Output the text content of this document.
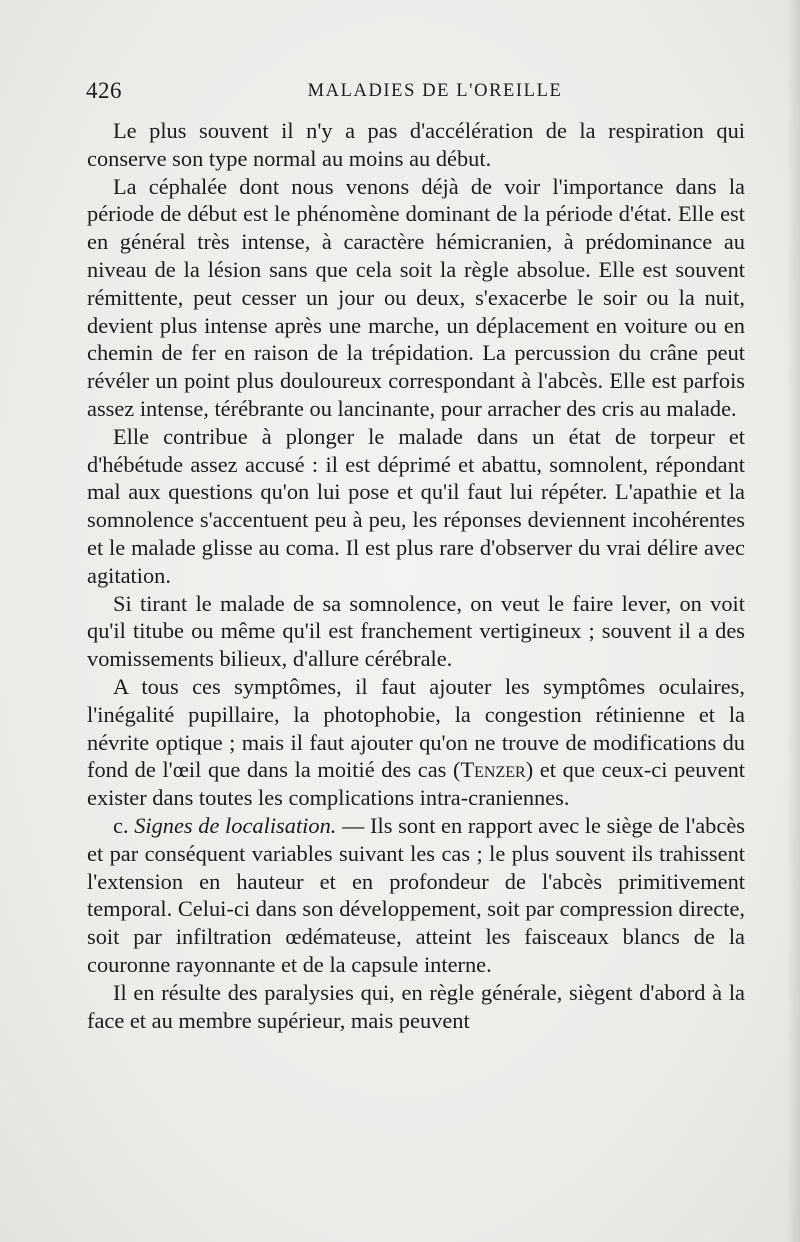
426	MALADIES DE L'OREILLE

Le plus souvent il n'y a pas d'accélération de la respiration qui conserve son type normal au moins au début.

La céphalée dont nous venons déjà de voir l'importance dans la période de début est le phénomène dominant de la période d'état. Elle est en général très intense, à caractère hémicranien, à prédominance au niveau de la lésion sans que cela soit la règle absolue. Elle est souvent rémittente, peut cesser un jour ou deux, s'exacerbe le soir ou la nuit, devient plus intense après une marche, un déplacement en voiture ou en chemin de fer en raison de la trépidation. La percussion du crâne peut révéler un point plus douloureux correspondant à l'abcès. Elle est parfois assez intense, térébrante ou lancinante, pour arracher des cris au malade.

Elle contribue à plonger le malade dans un état de torpeur et d'hébétude assez accusé : il est déprimé et abattu, somnolent, répondant mal aux questions qu'on lui pose et qu'il faut lui répéter. L'apathie et la somnolence s'accentuent peu à peu, les réponses deviennent incohérentes et le malade glisse au coma. Il est plus rare d'observer du vrai délire avec agitation.

Si tirant le malade de sa somnolence, on veut le faire lever, on voit qu'il titube ou même qu'il est franchement vertigineux ; souvent il a des vomissements bilieux, d'allure cérébrale.

A tous ces symptômes, il faut ajouter les symptômes oculaires, l'inégalité pupillaire, la photophobie, la congestion rétinienne et la névrite optique ; mais il faut ajouter qu'on ne trouve de modifications du fond de l'œil que dans la moitié des cas (Tenzer) et que ceux-ci peuvent exister dans toutes les complications intra-craniennes.

c. Signes de localisation. — Ils sont en rapport avec le siège de l'abcès et par conséquent variables suivant les cas ; le plus souvent ils trahissent l'extension en hauteur et en profondeur de l'abcès primitivement temporal. Celui-ci dans son développement, soit par compression directe, soit par infiltration œdémateuse, atteint les faisceaux blancs de la couronne rayonnante et de la capsule interne.

Il en résulte des paralysies qui, en règle générale, siègent d'abord à la face et au membre supérieur, mais peuvent
